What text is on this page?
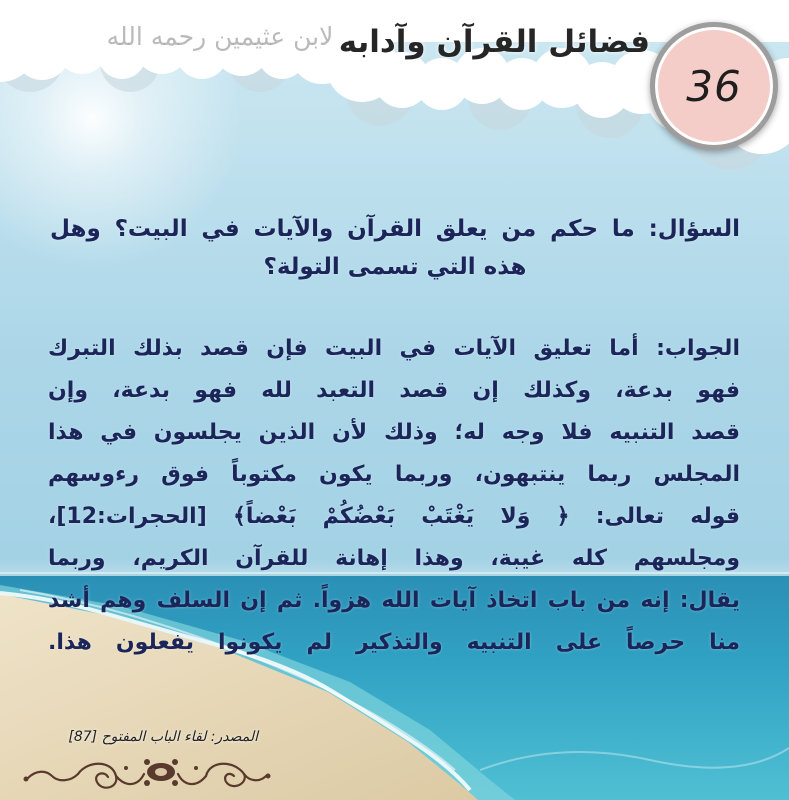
لابن عثيمين رحمه الله فضائل القرآن وآدابه
36
السؤال: ما حكم من يعلق القرآن والآيات في البيت؟ وهل
هذه التي تسمى التولة؟
الجواب: أما تعليق الآيات في البيت فإن قصد بذلك التبرك
فهو بدعة، وكذلك إن قصد التعبد لله فهو بدعة، وإن
قصد التنبيه فلا وجه له؛ وذلك لأن الذين يجلسون في هذا
المجلس ربما ينتبهون، وربما يكون مكتوباً فوق رءوسهم
قوله تعالى: ﴿ وَلا يَغْتَبْ بَعْضُكُمْ بَعْضاً﴾ [الحجرات:12]،
ومجلسهم كله غيبة، وهذا إهانة للقرآن الكريم، وربما
يقال: إنه من باب اتخاذ آيات الله هزواً. ثم إن السلف وهم أشد
منا حرصاً على التنبيه والتذكير لم يكونوا يفعلون هذا.
المصدر: لقاء الباب المفتوح [87]
